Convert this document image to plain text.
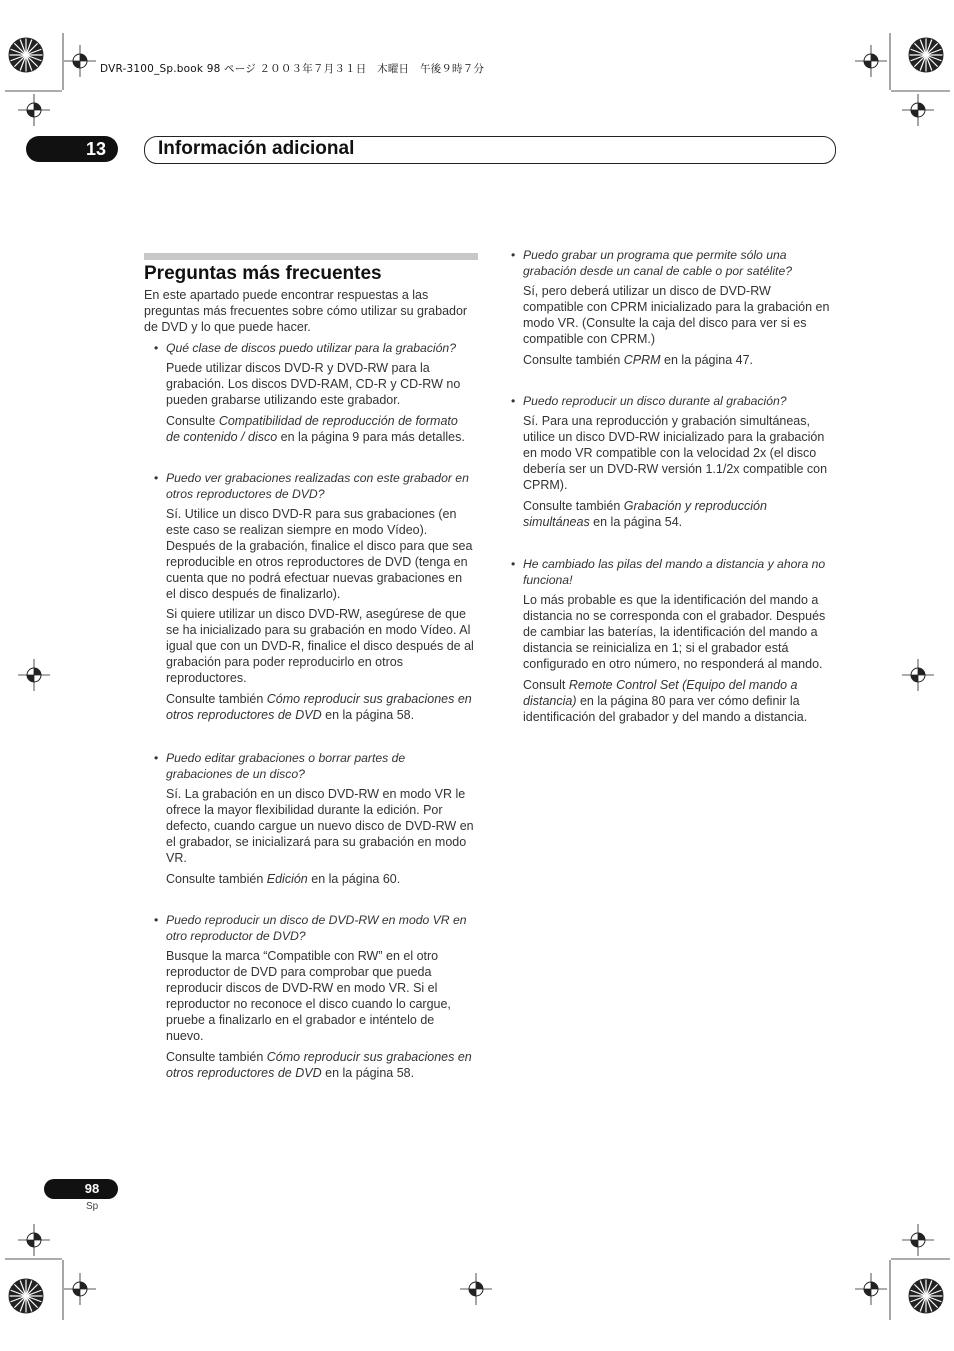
DVR-3100_Sp.book 98 ページ ２００３年７月３１日　木曜日　午後９時７分
13	Información adicional
Preguntas más frecuentes
En este apartado puede encontrar respuestas a las preguntas más frecuentes sobre cómo utilizar su grabador de DVD y lo que puede hacer.

• Qué clase de discos puedo utilizar para la grabación?

Puede utilizar discos DVD-R y DVD-RW para la grabación. Los discos DVD-RAM, CD-R y CD-RW no pueden grabarse utilizando este grabador.

Consulte Compatibilidad de reproducción de formato de contenido / disco en la página 9 para más detalles.

• Puedo ver grabaciones realizadas con este grabador en otros reproductores de DVD?

Sí. Utilice un disco DVD-R para sus grabaciones (en este caso se realizan siempre en modo Vídeo). Después de la grabación, finalice el disco para que sea reproducible en otros reproductores de DVD (tenga en cuenta que no podrá efectuar nuevas grabaciones en el disco después de finalizarlo).

Si quiere utilizar un disco DVD-RW, asegúrese de que se ha inicializado para su grabación en modo Vídeo. Al igual que con un DVD-R, finalice el disco después de al grabación para poder reproducirlo en otros reproductores.

Consulte también Cómo reproducir sus grabaciones en otros reproductores de DVD en la página 58.

• Puedo editar grabaciones o borrar partes de grabaciones de un disco?

Sí. La grabación en un disco DVD-RW en modo VR le ofrece la mayor flexibilidad durante la edición. Por defecto, cuando cargue un nuevo disco de DVD-RW en el grabador, se inicializará para su grabación en modo VR.

Consulte también Edición en la página 60.

• Puedo reproducir un disco de DVD-RW en modo VR en otro reproductor de DVD?

Busque la marca “Compatible con RW” en el otro reproductor de DVD para comprobar que pueda reproducir discos de DVD-RW en modo VR. Si el reproductor no reconoce el disco cuando lo cargue, pruebe a finalizarlo en el grabador e inténtelo de nuevo.

Consulte también Cómo reproducir sus grabaciones en otros reproductores de DVD en la página 58.

• Puedo grabar un programa que permite sólo una grabación desde un canal de cable o por satélite?

Sí, pero deberá utilizar un disco de DVD-RW compatible con CPRM inicializado para la grabación en modo VR. (Consulte la caja del disco para ver si es compatible con CPRM.)

Consulte también CPRM en la página 47.

• Puedo reproducir un disco durante al grabación?

Sí. Para una reproducción y grabación simultáneas, utilice un disco DVD-RW inicializado para la grabación en modo VR compatible con la velocidad 2x (el disco debería ser un DVD-RW versión 1.1/2x compatible con CPRM).

Consulte también Grabación y reproducción simultáneas en la página 54.

• He cambiado las pilas del mando a distancia y ahora no funciona!

Lo más probable es que la identificación del mando a distancia no se corresponda con el grabador. Después de cambiar las baterías, la identificación del mando a distancia se reinicializa en 1; si el grabador está configurado en otro número, no responderá al mando.

Consult Remote Control Set (Equipo del mando a distancia) en la página 80 para ver cómo definir la identificación del grabador y del mando a distancia.

98
Sp
